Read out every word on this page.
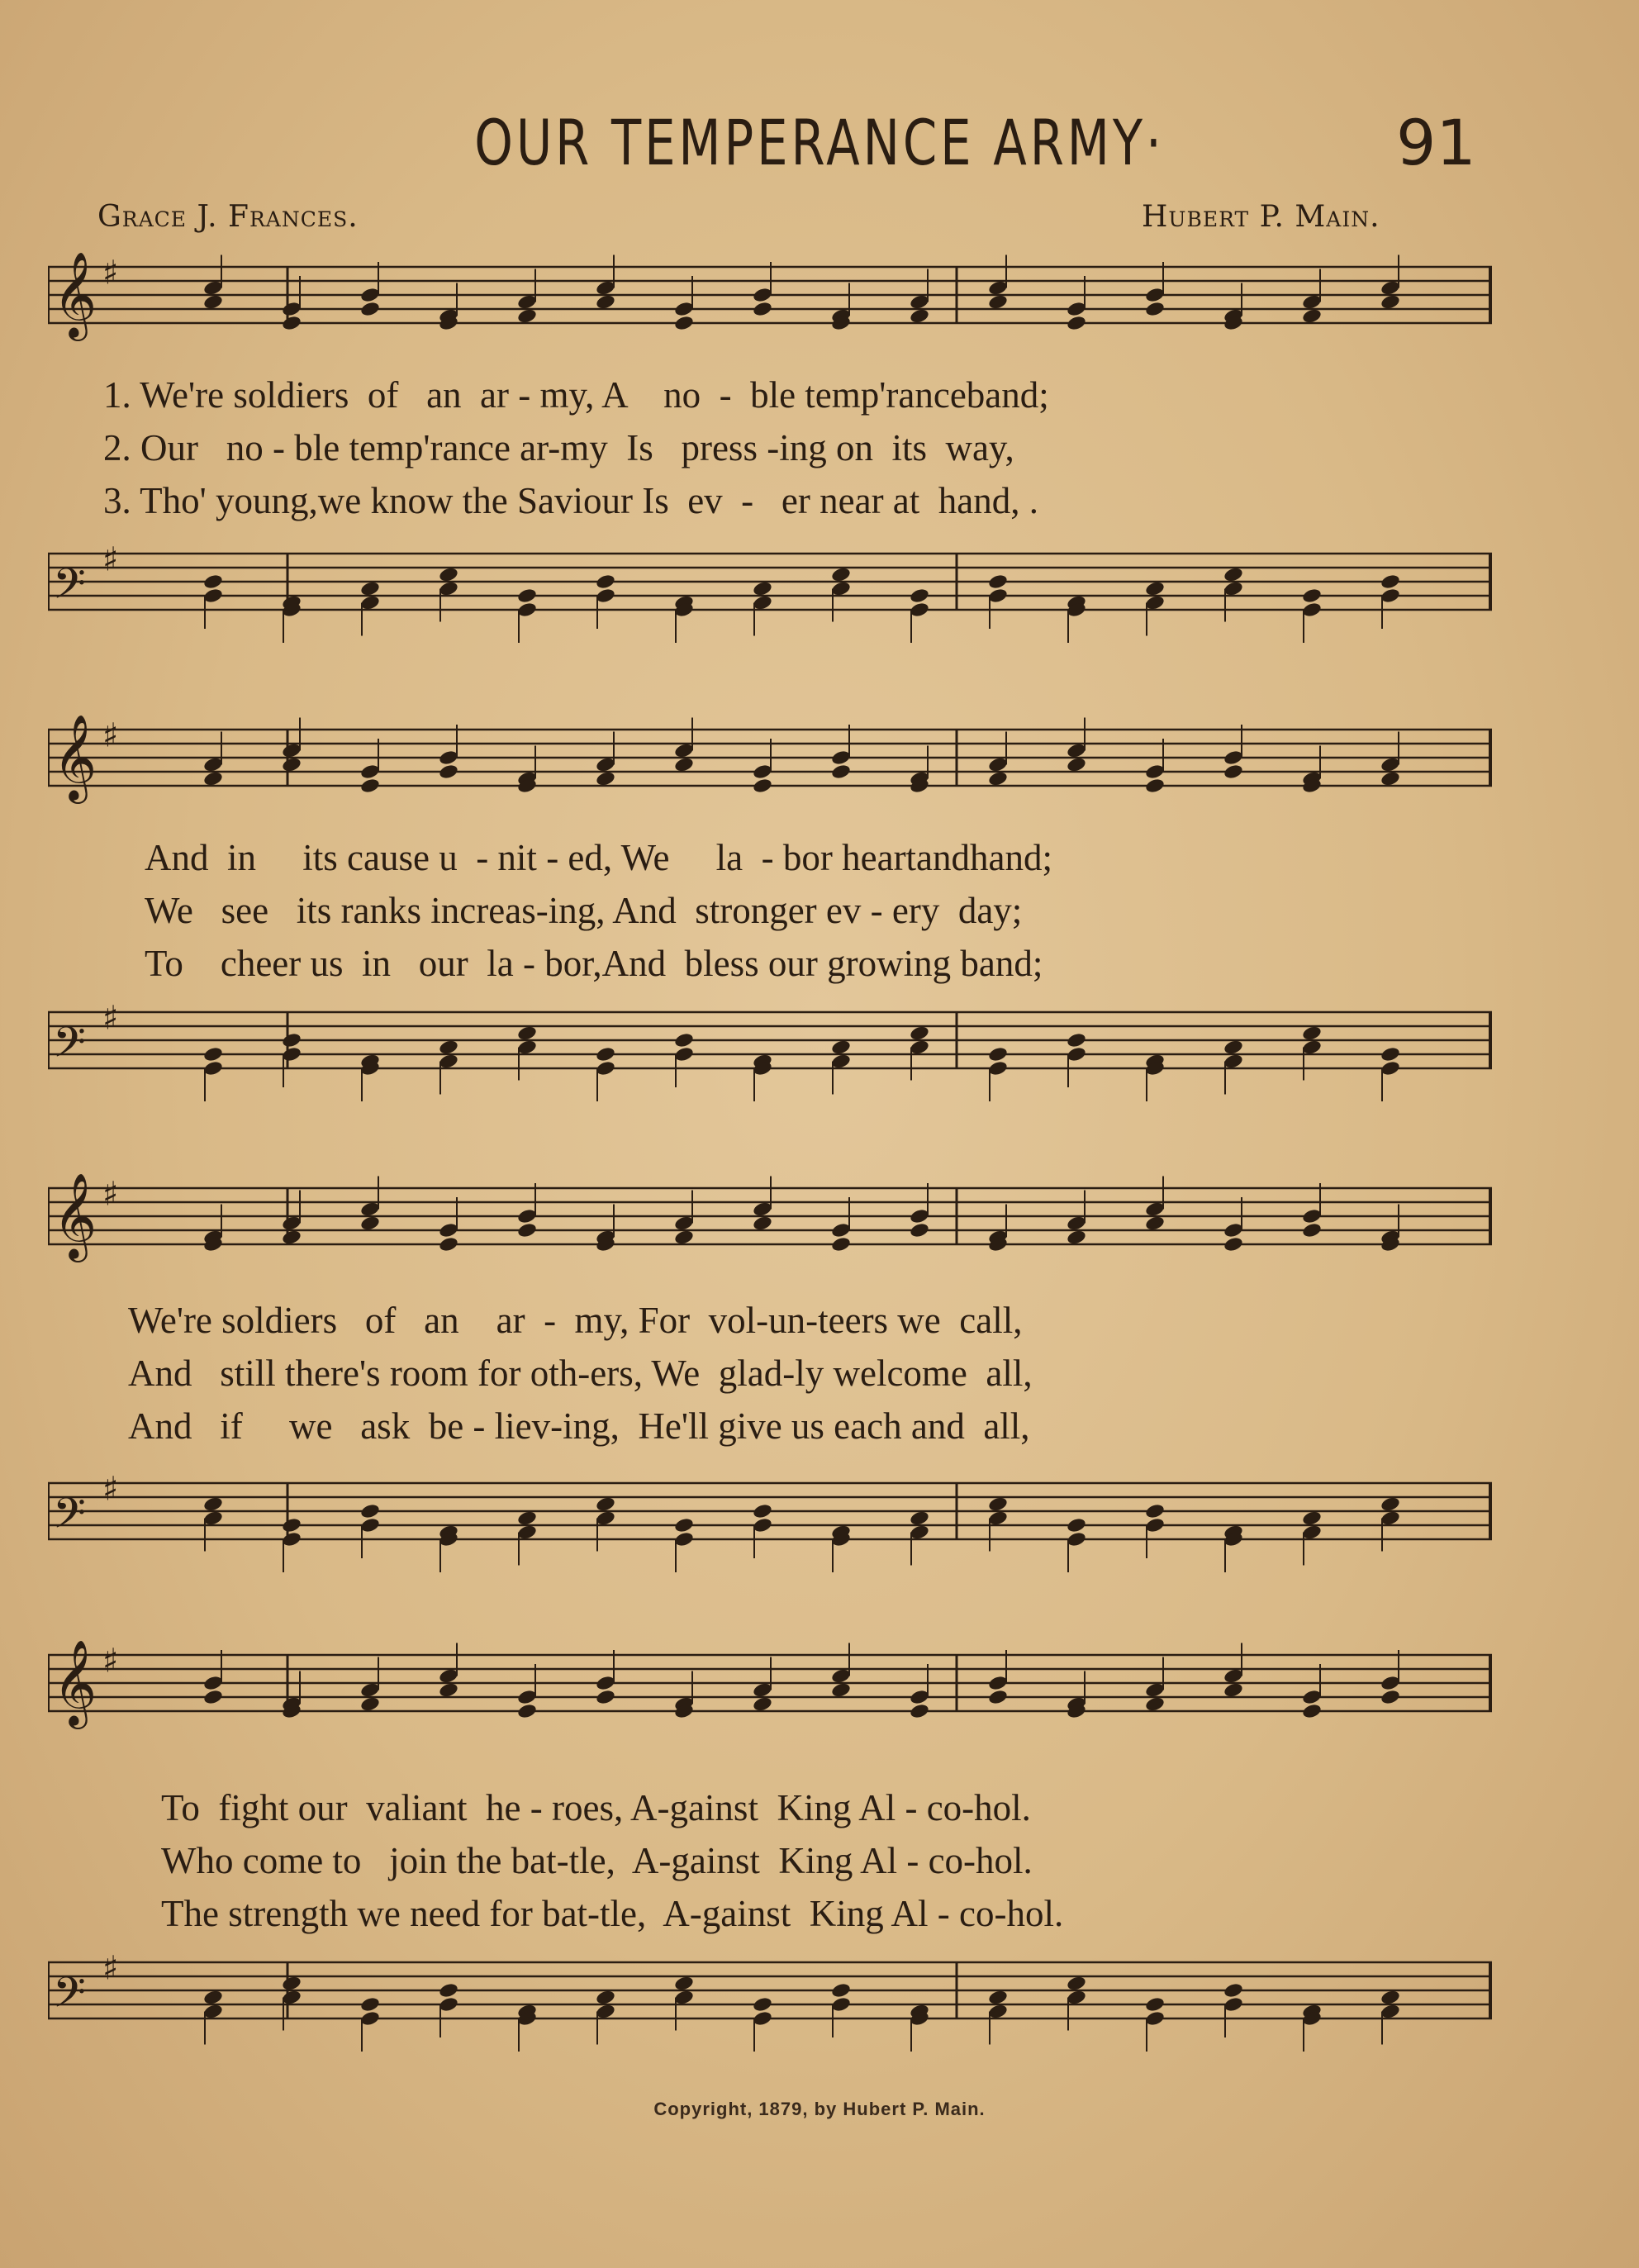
OUR TEMPERANCE ARMY·	91
Grace J. Frances.	Hubert P. Main.
𝄞 ♯
1. We're soldiers  of   an  ar - my, A    no  -  ble temp'ranceband;
2. Our   no - ble temp'rance ar-my  Is   press -ing on  its  way,
3. Tho' young,we know the Saviour Is  ev  -   er near at  hand, .
𝄢 ♯
𝄞 ♯
And  in     its cause u  - nit - ed, We     la  - bor heartandhand;
We   see   its ranks increas-ing, And  stronger ev - ery  day;
To    cheer us  in   our  la - bor,And  bless our growing band;
𝄢 ♯
𝄞 ♯
We're soldiers   of   an    ar  -  my, For  vol-un-teers we  call,
And   still there's room for oth-ers, We  glad-ly welcome  all,
And   if     we   ask  be - liev-ing,  He'll give us each and  all,
𝄢 ♯
𝄞 ♯
To  fight our  valiant  he - roes, A-gainst  King Al - co-hol.
Who come to   join the bat-tle,  A-gainst  King Al - co-hol.
The strength we need for bat-tle,  A-gainst  King Al - co-hol.
𝄢 ♯
Copyright, 1879, by Hubert P. Main.
